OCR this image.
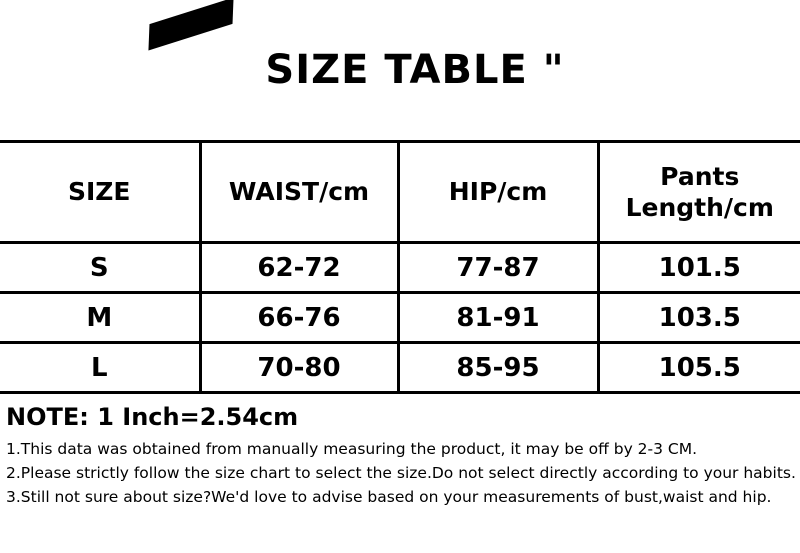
SIZE TABLE "
SIZE	WAIST/cm	HIP/cm	Pants Length/cm
S	62-72	77-87	101.5
M	66-76	81-91	103.5
L	70-80	85-95	105.5
NOTE: 1 Inch=2.54cm
1.This data was obtained from manually measuring the product, it may be off by 2-3 CM.
2.Please strictly follow the size chart to select the size.Do not select directly according to your habits.
3.Still not sure about size?We'd love to advise based on your measurements of bust,waist and hip.
